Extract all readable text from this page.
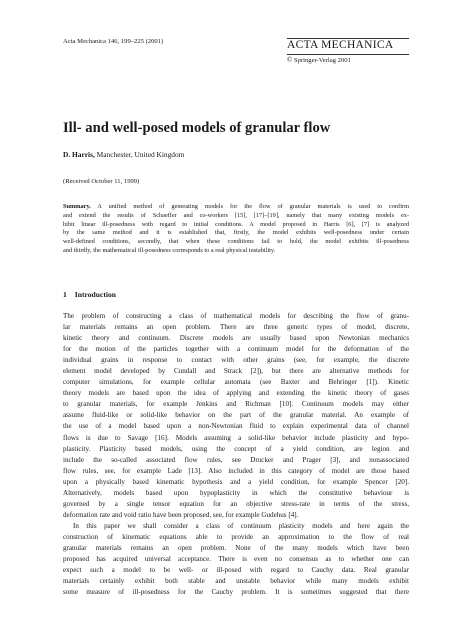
Acta Mechanica 146, 199–225 (2001)	ACTA MECHANICA
© Springer-Verlag 2001
Ill- and well-posed models of granular flow
D. Harris, Manchester, United Kingdom
(Received October 11, 1999)
Summary. A unified method of generating models for the flow of granular materials is used to confirm
and extend the results of Schaeffer and co-workers [15], [17]–[19], namely that many existing models ex-
hibit linear ill-posedness with regard to initial conditions. A model proposed in Harris [6], [7] is analyzed
by the same method and it is established that, firstly, the model exhibits well-posedness under certain
well-defined conditions, secondly, that when these conditions fail to hold, the model exhibits ill-posedness
and thirdly, the mathematical ill-posedness corresponds to a real physical instability.
1 Introduction
The problem of constructing a class of mathematical models for describing the flow of granu-
lar materials remains an open problem. There are three generic types of model, discrete,
kinetic theory and continuum. Discrete models are usually based upon Newtonian mechanics
for the motion of the particles together with a continuum model for the deformation of the
individual grains in response to contact with other grains (see, for example, the discrete
element model developed by Cundall and Strack [2]), but there are alternative methods for
computer simulations, for example cellular automata (see Baxter and Behringer [1]). Kinetic
theory models are based upon the idea of applying and extending the kinetic theory of gases
to granular materials, for example Jenkins and Richman [10]. Continuum models may either
assume fluid-like or solid-like behavior on the part of the granular material. An example of
the use of a model based upon a non-Newtonian fluid to explain experimental data of channel
flows is due to Savage [16]. Models assuming a solid-like behavior include plasticity and hypo-
plasticity. Plasticity based models, using the concept of a yield condition, are legion and
include the so-called associated flow rules, see Drucker and Prager [3], and nonassociated
flow rules, see, for example Lade [13]. Also included in this category of model are those based
upon a physically based kinematic hypothesis and a yield condition, for example Spencer [20].
Alternatively, models based upon hypoplasticity in which the constitutive behaviour is
governed by a single tensor equation for an objective stress-rate in terms of the stress,
deformation rate and void ratio have been proposed, see, for example Gudehus [4].
In this paper we shall consider a class of continuum plasticity models and here again the
construction of kinematic equations able to provide an approximation to the flow of real
granular materials remains an open problem. None of the many models which have been
proposed has acquired universal acceptance. There is even no consensus as to whether one can
expect such a model to be well- or ill-posed with regard to Cauchy data. Real granular
materials certainly exhibit both stable and unstable behavior while many models exhibit
some measure of ill-posedness for the Cauchy problem. It is sometimes suggested that there
